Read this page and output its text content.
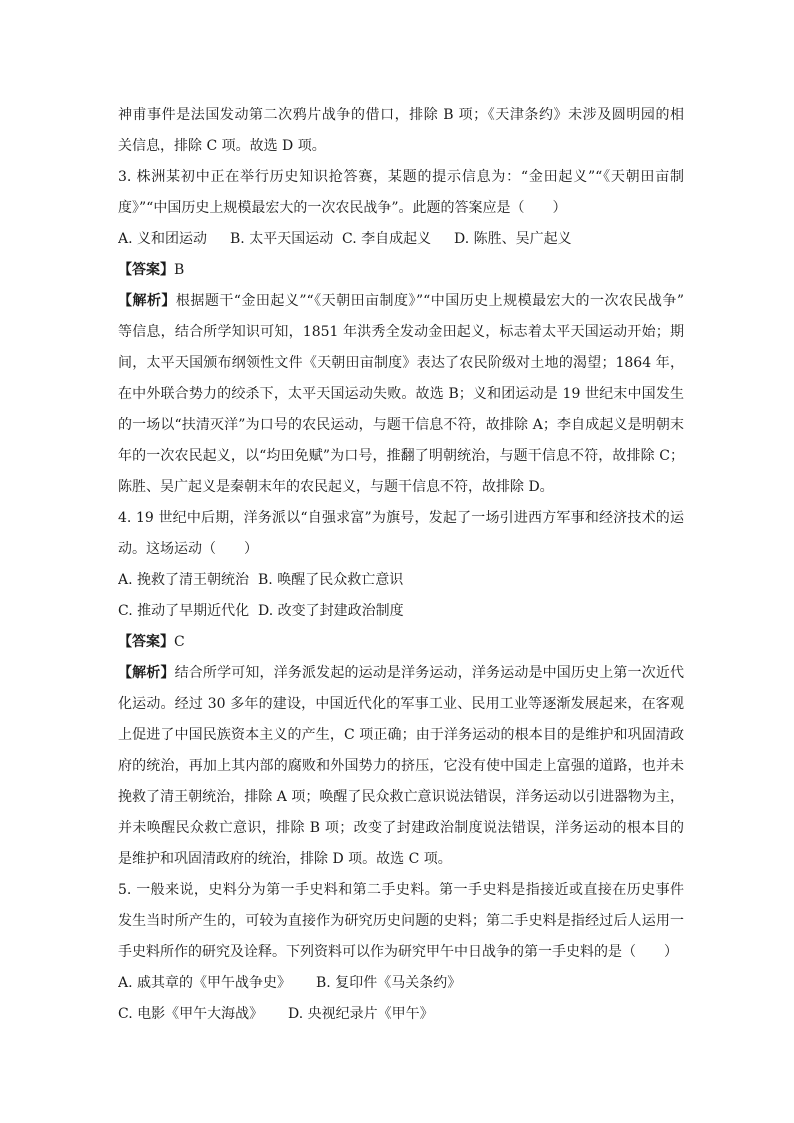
神甫事件是法国发动第二次鸦片战争的借口，排除 B 项；《天津条约》未涉及圆明园的相
关信息，排除 C 项。故选 D 项。
3. 株洲某初中正在举行历史知识抢答赛，某题的提示信息为：“金田起义”“《天朝田亩制
度》”“中国历史上规模最宏大的一次农民战争”。此题的答案应是（　　）
A. 义和团运动	B. 太平天国运动 C. 李自成起义	D. 陈胜、吴广起义
【答案】B
【解析】根据题干“金田起义”“《天朝田亩制度》”“中国历史上规模最宏大的一次农民战争”
等信息，结合所学知识可知，1851 年洪秀全发动金田起义，标志着太平天国运动开始；期
间，太平天国颁布纲领性文件《天朝田亩制度》表达了农民阶级对土地的渴望；1864 年，
在中外联合势力的绞杀下，太平天国运动失败。故选 B；义和团运动是 19 世纪末中国发生
的一场以“扶清灭洋”为口号的农民运动，与题干信息不符，故排除 A；李自成起义是明朝末
年的一次农民起义，以“均田免赋”为口号，推翻了明朝统治，与题干信息不符，故排除 C；
陈胜、吴广起义是秦朝末年的农民起义，与题干信息不符，故排除 D。
4. 19 世纪中后期，洋务派以“自强求富”为旗号，发起了一场引进西方军事和经济技术的运
动。这场运动（　　）
A. 挽救了清王朝统治 B. 唤醒了民众救亡意识
C. 推动了早期近代化 D. 改变了封建政治制度
【答案】C
【解析】结合所学可知，洋务派发起的运动是洋务运动，洋务运动是中国历史上第一次近代
化运动。经过 30 多年的建设，中国近代化的军事工业、民用工业等逐渐发展起来，在客观
上促进了中国民族资本主义的产生，C 项正确；由于洋务运动的根本目的是维护和巩固清政
府的统治，再加上其内部的腐败和外国势力的挤压，它没有使中国走上富强的道路，也并未
挽救了清王朝统治，排除 A 项；唤醒了民众救亡意识说法错误，洋务运动以引进器物为主，
并未唤醒民众救亡意识，排除 B 项；改变了封建政治制度说法错误，洋务运动的根本目的
是维护和巩固清政府的统治，排除 D 项。故选 C 项。
5. 一般来说，史料分为第一手史料和第二手史料。第一手史料是指接近或直接在历史事件
发生当时所产生的，可较为直接作为研究历史问题的史料；第二手史料是指经过后人运用一
手史料所作的研究及诠释。下列资料可以作为研究甲午中日战争的第一手史料的是（　　）
A. 戚其章的《甲午战争史》	B. 复印件《马关条约》
C. 电影《甲午大海战》	D. 央视纪录片《甲午》
